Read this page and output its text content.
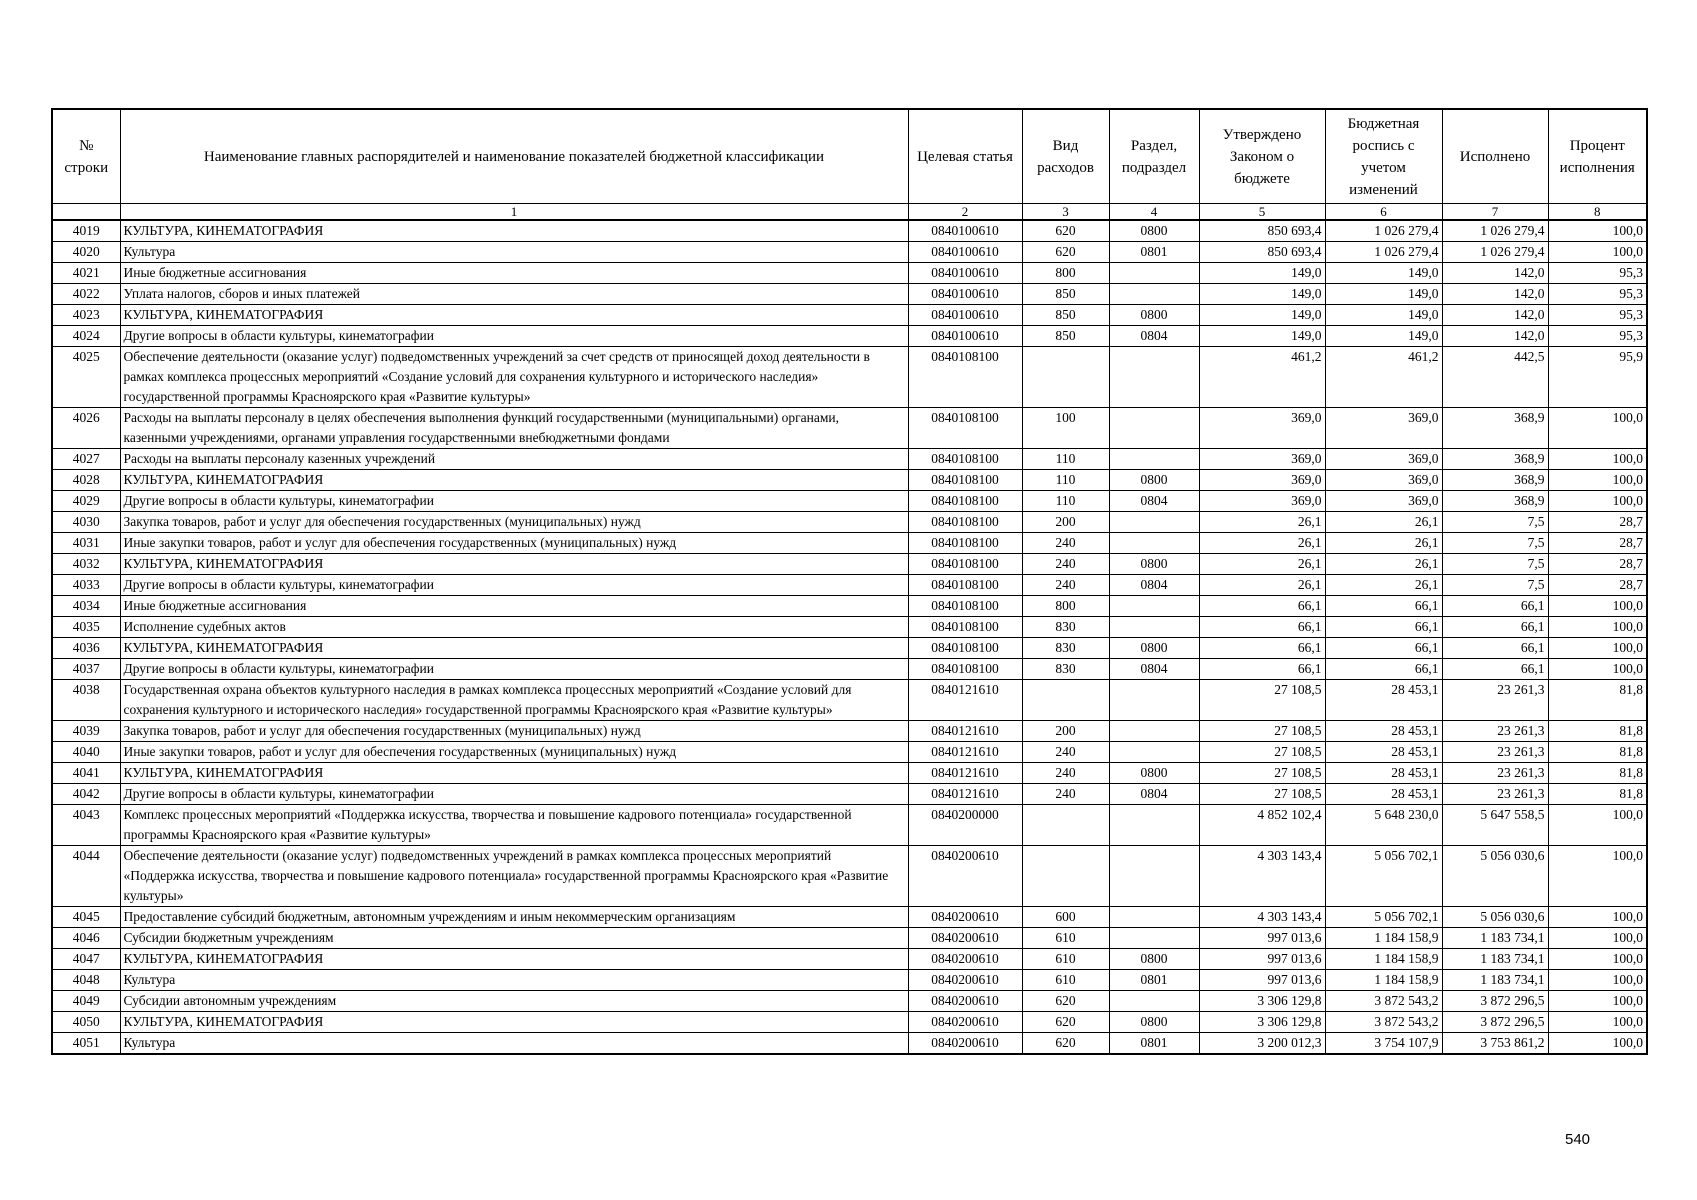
№ строки	Наименование главных распорядителей и наименование показателей бюджетной классификации	Целевая статья	Вид расходов	Раздел, подраздел	Утверждено Законом о бюджете	Бюджетная роспись с учетом изменений	Исполнено	Процент исполнения
	1	2	3	4	5	6	7	8
4019	КУЛЬТУРА, КИНЕМАТОГРАФИЯ	0840100610	620	0800	850 693,4	1 026 279,4	1 026 279,4	100,0
4020	Культура	0840100610	620	0801	850 693,4	1 026 279,4	1 026 279,4	100,0
4021	Иные бюджетные ассигнования	0840100610	800		149,0	149,0	142,0	95,3
4022	Уплата налогов, сборов и иных платежей	0840100610	850		149,0	149,0	142,0	95,3
4023	КУЛЬТУРА, КИНЕМАТОГРАФИЯ	0840100610	850	0800	149,0	149,0	142,0	95,3
4024	Другие вопросы в области культуры, кинематографии	0840100610	850	0804	149,0	149,0	142,0	95,3
4025	Обеспечение деятельности (оказание услуг) подведомственных учреждений за счет средств от приносящей доход деятельности в рамках комплекса процессных мероприятий «Создание условий для сохранения культурного и исторического наследия» государственной программы Красноярского края «Развитие культуры»	0840108100			461,2	461,2	442,5	95,9
4026	Расходы на выплаты персоналу в целях обеспечения выполнения функций государственными (муниципальными) органами, казенными учреждениями, органами управления государственными внебюджетными фондами	0840108100	100		369,0	369,0	368,9	100,0
4027	Расходы на выплаты персоналу казенных учреждений	0840108100	110		369,0	369,0	368,9	100,0
4028	КУЛЬТУРА, КИНЕМАТОГРАФИЯ	0840108100	110	0800	369,0	369,0	368,9	100,0
4029	Другие вопросы в области культуры, кинематографии	0840108100	110	0804	369,0	369,0	368,9	100,0
4030	Закупка товаров, работ и услуг для обеспечения государственных (муниципальных) нужд	0840108100	200		26,1	26,1	7,5	28,7
4031	Иные закупки товаров, работ и услуг для обеспечения государственных (муниципальных) нужд	0840108100	240		26,1	26,1	7,5	28,7
4032	КУЛЬТУРА, КИНЕМАТОГРАФИЯ	0840108100	240	0800	26,1	26,1	7,5	28,7
4033	Другие вопросы в области культуры, кинематографии	0840108100	240	0804	26,1	26,1	7,5	28,7
4034	Иные бюджетные ассигнования	0840108100	800		66,1	66,1	66,1	100,0
4035	Исполнение судебных актов	0840108100	830		66,1	66,1	66,1	100,0
4036	КУЛЬТУРА, КИНЕМАТОГРАФИЯ	0840108100	830	0800	66,1	66,1	66,1	100,0
4037	Другие вопросы в области культуры, кинематографии	0840108100	830	0804	66,1	66,1	66,1	100,0
4038	Государственная охрана объектов культурного наследия в рамках комплекса процессных мероприятий «Создание условий для сохранения культурного и исторического наследия» государственной программы Красноярского края «Развитие культуры»	0840121610			27 108,5	28 453,1	23 261,3	81,8
4039	Закупка товаров, работ и услуг для обеспечения государственных (муниципальных) нужд	0840121610	200		27 108,5	28 453,1	23 261,3	81,8
4040	Иные закупки товаров, работ и услуг для обеспечения государственных (муниципальных) нужд	0840121610	240		27 108,5	28 453,1	23 261,3	81,8
4041	КУЛЬТУРА, КИНЕМАТОГРАФИЯ	0840121610	240	0800	27 108,5	28 453,1	23 261,3	81,8
4042	Другие вопросы в области культуры, кинематографии	0840121610	240	0804	27 108,5	28 453,1	23 261,3	81,8
4043	Комплекс процессных мероприятий «Поддержка искусства, творчества и повышение кадрового потенциала» государственной программы Красноярского края «Развитие культуры»	0840200000			4 852 102,4	5 648 230,0	5 647 558,5	100,0
4044	Обеспечение деятельности (оказание услуг) подведомственных учреждений в рамках комплекса процессных мероприятий «Поддержка искусства, творчества и повышение кадрового потенциала» государственной программы Красноярского края «Развитие культуры»	0840200610			4 303 143,4	5 056 702,1	5 056 030,6	100,0
4045	Предоставление субсидий бюджетным, автономным учреждениям и иным некоммерческим организациям	0840200610	600		4 303 143,4	5 056 702,1	5 056 030,6	100,0
4046	Субсидии бюджетным учреждениям	0840200610	610		997 013,6	1 184 158,9	1 183 734,1	100,0
4047	КУЛЬТУРА, КИНЕМАТОГРАФИЯ	0840200610	610	0800	997 013,6	1 184 158,9	1 183 734,1	100,0
4048	Культура	0840200610	610	0801	997 013,6	1 184 158,9	1 183 734,1	100,0
4049	Субсидии автономным учреждениям	0840200610	620		3 306 129,8	3 872 543,2	3 872 296,5	100,0
4050	КУЛЬТУРА, КИНЕМАТОГРАФИЯ	0840200610	620	0800	3 306 129,8	3 872 543,2	3 872 296,5	100,0
4051	Культура	0840200610	620	0801	3 200 012,3	3 754 107,9	3 753 861,2	100,0
540
